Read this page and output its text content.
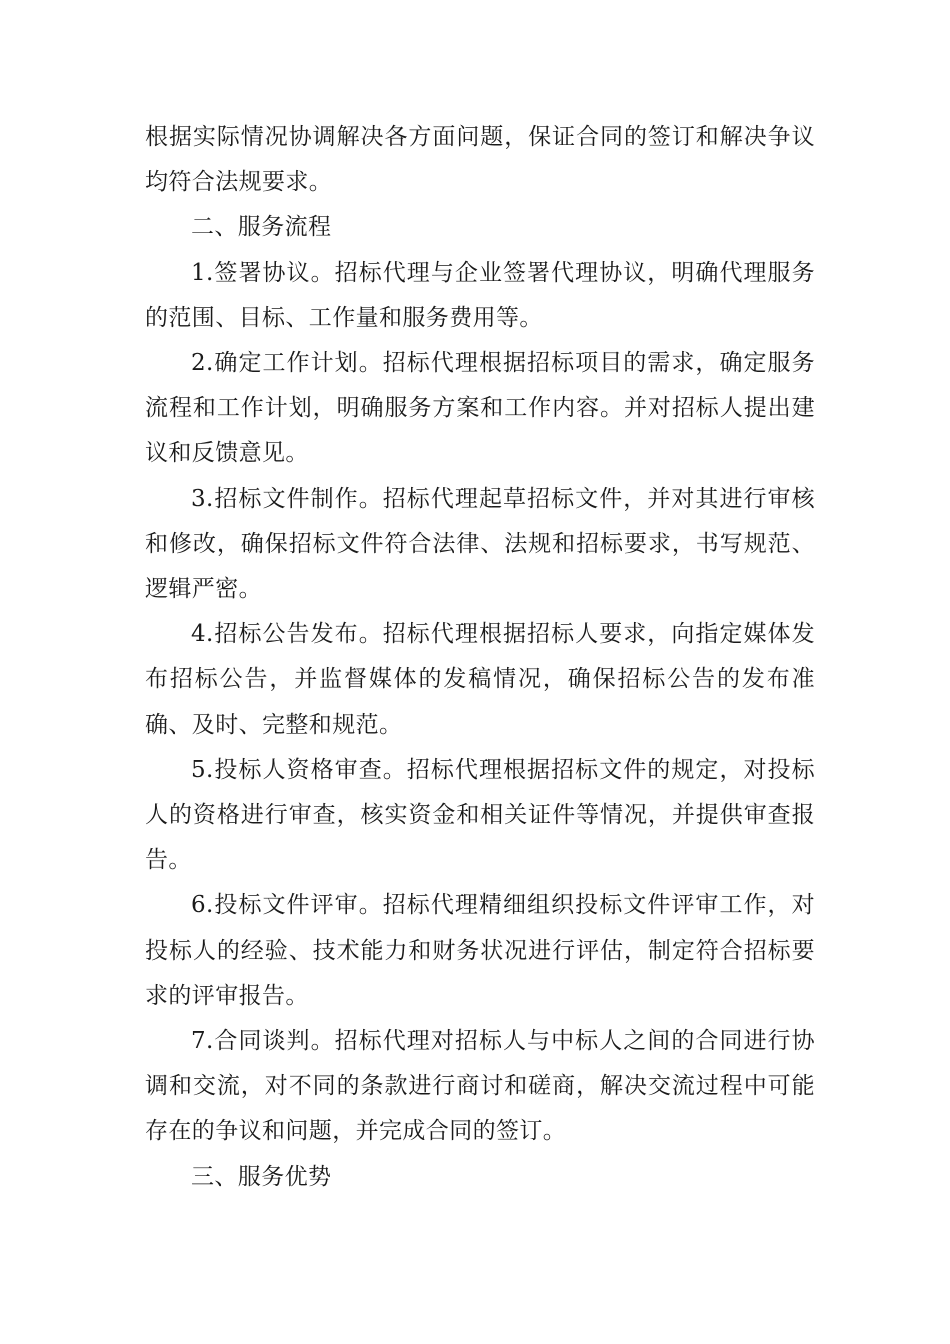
根据实际情况协调解决各方面问题，保证合同的签订和解决争议均符合法规要求。

二、服务流程

1.签署协议。招标代理与企业签署代理协议，明确代理服务的范围、目标、工作量和服务费用等。

2.确定工作计划。招标代理根据招标项目的需求，确定服务流程和工作计划，明确服务方案和工作内容。并对招标人提出建议和反馈意见。

3.招标文件制作。招标代理起草招标文件，并对其进行审核和修改，确保招标文件符合法律、法规和招标要求，书写规范、逻辑严密。

4.招标公告发布。招标代理根据招标人要求，向指定媒体发布招标公告，并监督媒体的发稿情况，确保招标公告的发布准确、及时、完整和规范。

5.投标人资格审查。招标代理根据招标文件的规定，对投标人的资格进行审查，核实资金和相关证件等情况，并提供审查报告。

6.投标文件评审。招标代理精细组织投标文件评审工作，对投标人的经验、技术能力和财务状况进行评估，制定符合招标要求的评审报告。

7.合同谈判。招标代理对招标人与中标人之间的合同进行协调和交流，对不同的条款进行商讨和磋商，解决交流过程中可能存在的争议和问题，并完成合同的签订。

三、服务优势
